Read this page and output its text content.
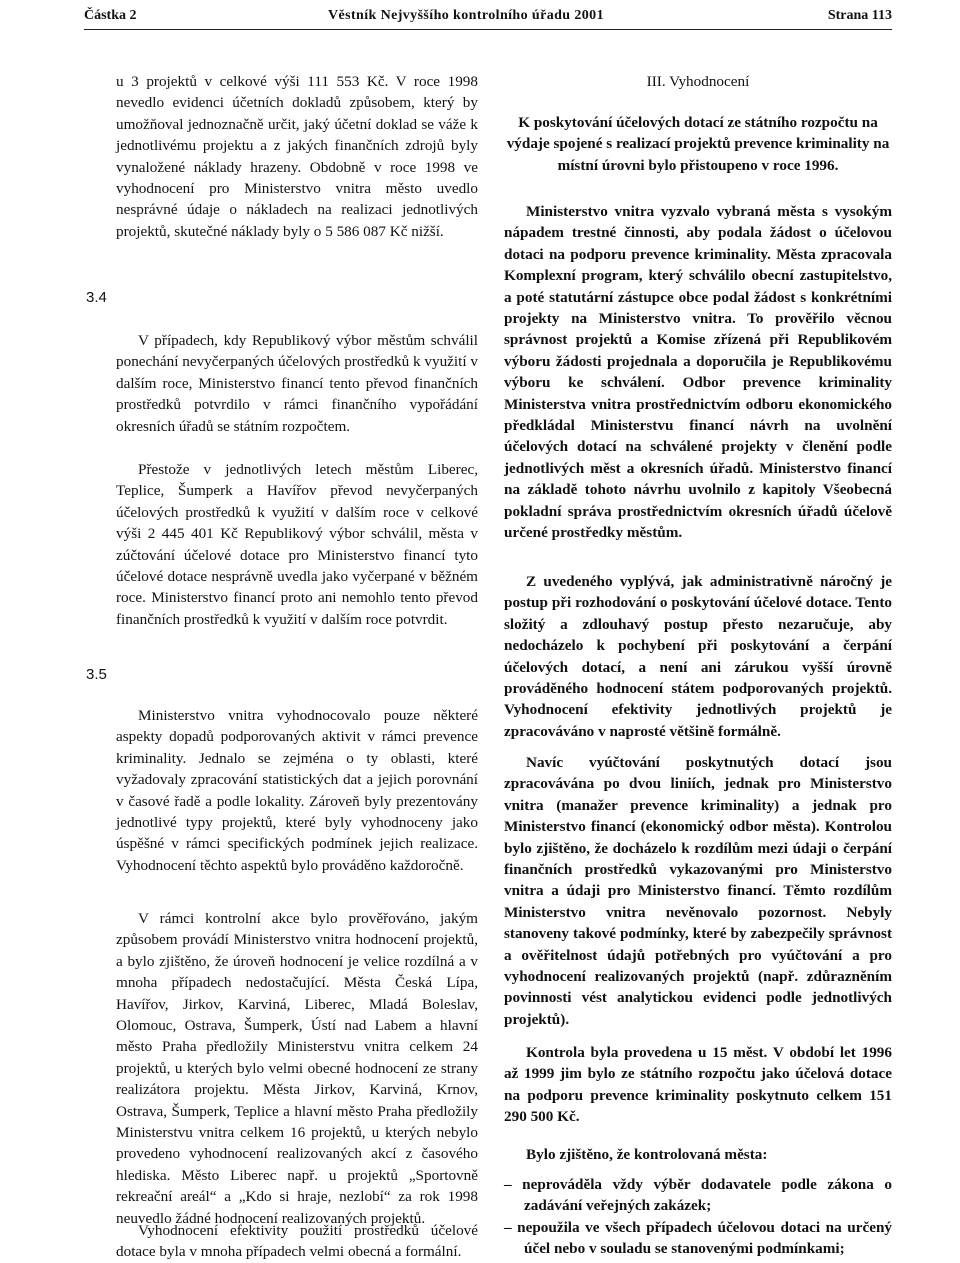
Částka 2	Věstník Nejvyššího kontrolního úřadu 2001	Strana 113

u 3 projektů v celkové výši 111 553 Kč. V roce 1998 nevedlo evidenci účetních dokladů způsobem, který by umožňoval jednoznačně určit, jaký účetní doklad se váže k jednotlivému projektu a z jakých finančních zdrojů byly vynaložené náklady hrazeny. Obdobně v roce 1998 ve vyhodnocení pro Ministerstvo vnitra město uvedlo nesprávné údaje o nákladech na realizaci jednotlivých projektů, skutečné náklady byly o 5 586 087 Kč nižší.

3.4

V případech, kdy Republikový výbor městům schválil ponechání nevyčerpaných účelových prostředků k využití v dalším roce, Ministerstvo financí tento převod finančních prostředků potvrdilo v rámci finančního vypořádání okresních úřadů se státním rozpočtem.

Přestože v jednotlivých letech městům Liberec, Teplice, Šumperk a Havířov převod nevyčerpaných účelových prostředků k využití v dalším roce v celkové výši 2 445 401 Kč Republikový výbor schválil, města v zúčtování účelové dotace pro Ministerstvo financí tyto účelové dotace nesprávně uvedla jako vyčerpané v běžném roce. Ministerstvo financí proto ani nemohlo tento převod finančních prostředků k využití v dalším roce potvrdit.

3.5

Ministerstvo vnitra vyhodnocovalo pouze některé aspekty dopadů podporovaných aktivit v rámci prevence kriminality. Jednalo se zejména o ty oblasti, které vyžadovaly zpracování statistických dat a jejich porovnání v časové řadě a podle lokality. Zároveň byly prezentovány jednotlivé typy projektů, které byly vyhodnoceny jako úspěšné v rámci specifických podmínek jejich realizace. Vyhodnocení těchto aspektů bylo prováděno každoročně.

V rámci kontrolní akce bylo prověřováno, jakým způsobem provádí Ministerstvo vnitra hodnocení projektů, a bylo zjištěno, že úroveň hodnocení je velice rozdílná a v mnoha případech nedostačující. Města Česká Lípa, Havířov, Jirkov, Karviná, Liberec, Mladá Boleslav, Olomouc, Ostrava, Šumperk, Ústí nad Labem a hlavní město Praha předložily Ministerstvu vnitra celkem 24 projektů, u kterých bylo velmi obecné hodnocení ze strany realizátora projektu. Města Jirkov, Karviná, Krnov, Ostrava, Šumperk, Teplice a hlavní město Praha předložily Ministerstvu vnitra celkem 16 projektů, u kterých nebylo provedeno vyhodnocení realizovaných akcí z časového hlediska. Město Liberec např. u projektů „Sportovně rekreační areál“ a „Kdo si hraje, nezlobí“ za rok 1998 neuvedlo žádné hodnocení realizovaných projektů.

Vyhodnocení efektivity použití prostředků účelové dotace byla v mnoha případech velmi obecná a formální.

III. Vyhodnocení

K poskytování účelových dotací ze státního rozpočtu na výdaje spojené s realizací projektů prevence kriminality na místní úrovni bylo přistoupeno v roce 1996.

Ministerstvo vnitra vyzvalo vybraná města s vysokým nápadem trestné činnosti, aby podala žádost o účelovou dotaci na podporu prevence kriminality. Města zpracovala Komplexní program, který schválilo obecní zastupitelstvo, a poté statutární zástupce obce podal žádost s konkrétními projekty na Ministerstvo vnitra. To prověřilo věcnou správnost projektů a Komise zřízená při Republikovém výboru žádosti projednala a doporučila je Republikovému výboru ke schválení. Odbor prevence kriminality Ministerstva vnitra prostřednictvím odboru ekonomického předkládal Ministerstvu financí návrh na uvolnění účelových dotací na schválené projekty v členění podle jednotlivých měst a okresních úřadů. Ministerstvo financí na základě tohoto návrhu uvolnilo z kapitoly Všeobecná pokladní správa prostřednictvím okresních úřadů účelově určené prostředky městům.

Z uvedeného vyplývá, jak administrativně náročný je postup při rozhodování o poskytování účelové dotace. Tento složitý a zdlouhavý postup přesto nezaručuje, aby nedocházelo k pochybení při poskytování a čerpání účelových dotací, a není ani zárukou vyšší úrovně prováděného hodnocení státem podporovaných projektů. Vyhodnocení efektivity jednotlivých projektů je zpracováváno v naprosté většině formálně.

Navíc vyúčtování poskytnutých dotací jsou zpracovávána po dvou liniích, jednak pro Ministerstvo vnitra (manažer prevence kriminality) a jednak pro Ministerstvo financí (ekonomický odbor města). Kontrolou bylo zjištěno, že docházelo k rozdílům mezi údaji o čerpání finančních prostředků vykazovanými pro Ministerstvo vnitra a údaji pro Ministerstvo financí. Těmto rozdílům Ministerstvo vnitra nevěnovalo pozornost. Nebyly stanoveny takové podmínky, které by zabezpečily správnost a ověřitelnost údajů potřebných pro vyúčtování a pro vyhodnocení realizovaných projektů (např. zdůrazněním povinnosti vést analytickou evidenci podle jednotlivých projektů).

Kontrola byla provedena u 15 měst. V období let 1996 až 1999 jim bylo ze státního rozpočtu jako účelová dotace na podporu prevence kriminality poskytnuto celkem 151 290 500 Kč.

Bylo zjištěno, že kontrolovaná města:

– neprováděla vždy výběr dodavatele podle zákona o zadávání veřejných zakázek;

– nepoužila ve všech případech účelovou dotaci na určený účel nebo v souladu se stanovenými podmínkami;
